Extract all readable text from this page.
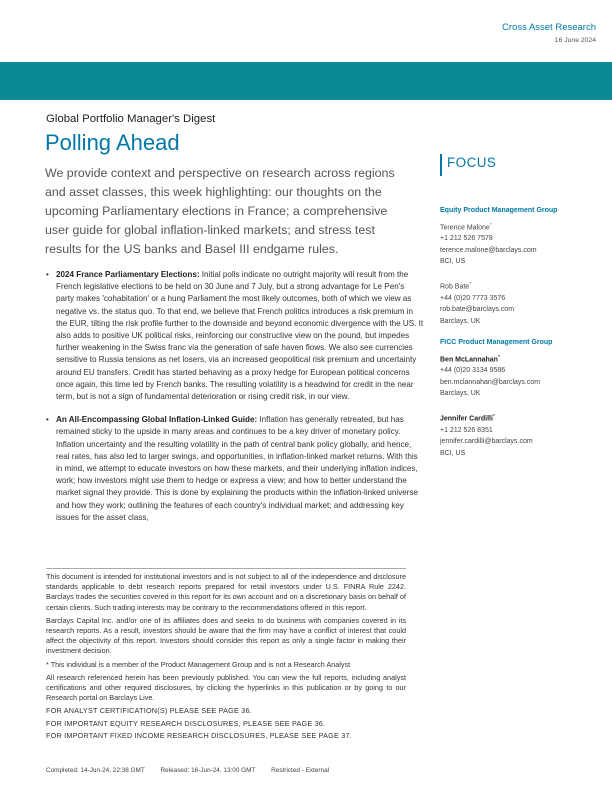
Cross Asset Research
16 June 2024
Global Portfolio Manager's Digest
Polling Ahead
We provide context and perspective on research across regions and asset classes, this week highlighting: our thoughts on the upcoming Parliamentary elections in France; a comprehensive user guide for global inflation-linked markets; and stress test results for the US banks and Basel III endgame rules.
• 2024 France Parliamentary Elections: Initial polls indicate no outright majority will result from the French legislative elections to be held on 30 June and 7 July, but a strong advantage for Le Pen's party makes 'cohabitation' or a hung Parliament the most likely outcomes, both of which we view as negative vs. the status quo. To that end, we believe that French politics introduces a risk premium in the EUR, tilting the risk profile further to the downside and beyond economic divergence with the US. It also adds to positive UK political risks, reinforcing our constructive view on the pound, but impedes further weakening in the Swiss franc via the generation of safe haven flows. We also see currencies sensitive to Russia tensions as net losers, via an increased geopolitical risk premium and uncertainty around EU transfers. Credit has started behaving as a proxy hedge for European political concerns once again, this time led by French banks. The resulting volatility is a headwind for credit in the near term, but is not a sign of fundamental deterioration or rising credit risk, in our view.
• An All-Encompassing Global Inflation-Linked Guide: Inflation has generally retreated, but has remained sticky to the upside in many areas and continues to be a key driver of monetary policy. Inflation uncertainty and the resulting volatility in the path of central bank policy globally, and hence, real rates, has also led to larger swings, and opportunities, in inflation-linked market returns. With this in mind, we attempt to educate investors on how these markets, and their underlying inflation indices, work; how investors might use them to hedge or express a view; and how to better understand the market signal they provide. This is done by explaining the products within the inflation-linked universe and how they work; outlining the features of each country's individual market; and addressing key issues for the asset class,
FOCUS
Equity Product Management Group
Terence Malone*
+1 212 526 7578
terence.malone@barclays.com
BCI, US
Rob Bate*
+44 (0)20 7773 3576
rob.bate@barclays.com
Barclays, UK
FICC Product Management Group
Ben McLannahan*
+44 (0)20 3134 9586
ben.mclannahan@barclays.com
Barclays, UK
Jennifer Cardilli*
+1 212 526 8351
jennifer.cardilli@barclays.com
BCI, US

This document is intended for institutional investors and is not subject to all of the independence and disclosure standards applicable to debt research reports prepared for retail investors under U.S. FINRA Rule 2242. Barclays trades the securities covered in this report for its own account and on a discretionary basis on behalf of certain clients. Such trading interests may be contrary to the recommendations offered in this report.

Barclays Capital Inc. and/or one of its affiliates does and seeks to do business with companies covered in its research reports. As a result, investors should be aware that the firm may have a conflict of interest that could affect the objectivity of this report. Investors should consider this report as only a single factor in making their investment decision.

* This individual is a member of the Product Management Group and is not a Research Analyst

All research referenced herein has been previously published. You can view the full reports, including analyst certifications and other required disclosures, by clicking the hyperlinks in this publication or by going to our Research portal on Barclays Live.

FOR ANALYST CERTIFICATION(S) PLEASE SEE PAGE 36.

FOR IMPORTANT EQUITY RESEARCH DISCLOSURES, PLEASE SEE PAGE 36.

FOR IMPORTANT FIXED INCOME RESEARCH DISCLOSURES, PLEASE SEE PAGE 37.

Completed: 14-Jun-24, 22:38 GMT Released: 16-Jun-24, 13:00 GMT Restricted - External
